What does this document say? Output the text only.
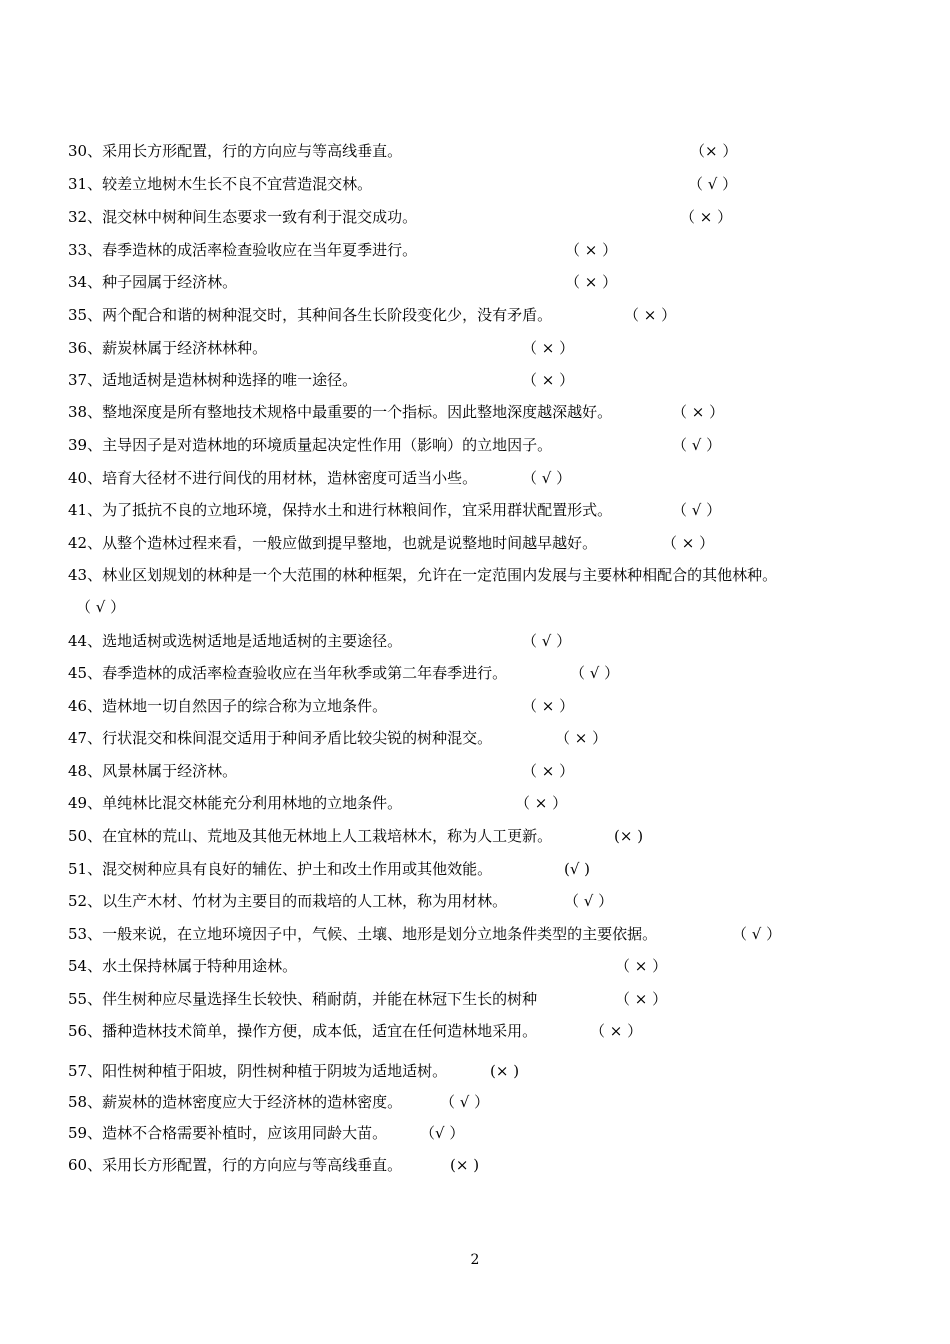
30、采用长方形配置，行的方向应与等高线垂直。	（× ）
31、较差立地树木生长不良不宜营造混交林。	（ √ ）
32、混交林中树种间生态要求一致有利于混交成功。	（ × ）
33、春季造林的成活率检查验收应在当年夏季进行。	（ × ）
34、种子园属于经济林。	（ × ）
35、两个配合和谐的树种混交时，其种间各生长阶段变化少，没有矛盾。	（ × ）
36、薪炭林属于经济林林种。	（ × ）
37、适地适树是造林树种选择的唯一途径。	（ × ）
38、整地深度是所有整地技术规格中最重要的一个指标。因此整地深度越深越好。	（ × ）
39、主导因子是对造林地的环境质量起决定性作用（影响）的立地因子。	（ √ ）
40、培育大径材不进行间伐的用材林，造林密度可适当小些。	（ √ ）
41、为了抵抗不良的立地环境，保持水土和进行林粮间作，宜采用群状配置形式。	（ √ ）
42、从整个造林过程来看，一般应做到提早整地，也就是说整地时间越早越好。	（ × ）
43、林业区划规划的林种是一个大范围的林种框架，允许在一定范围内发展与主要林种相配合的其他林种。
（ √ ）
44、选地适树或选树适地是适地适树的主要途径。	（ √ ）
45、春季造林的成活率检查验收应在当年秋季或第二年春季进行。	（ √ ）
46、造林地一切自然因子的综合称为立地条件。	（ × ）
47、行状混交和株间混交适用于种间矛盾比较尖锐的树种混交。	（ × ）
48、风景林属于经济林。	（ × ）
49、单纯林比混交林能充分利用林地的立地条件。	（ × ）
50、在宜林的荒山、荒地及其他无林地上人工栽培林木，称为人工更新。	(× )
51、混交树种应具有良好的辅佐、护土和改土作用或其他效能。	(√ )
52、以生产木材、竹材为主要目的而栽培的人工林，称为用材林。	（ √ ）
53、一般来说，在立地环境因子中，气候、土壤、地形是划分立地条件类型的主要依据。	（ √ ）
54、水土保持林属于特种用途林。	（ × ）
55、伴生树种应尽量选择生长较快、稍耐荫，并能在林冠下生长的树种	（ × ）
56、播种造林技术简单，操作方便，成本低，适宜在任何造林地采用。	（ × ）
57、阳性树种植于阳坡，阴性树种植于阴坡为适地适树。	(× )
58、薪炭林的造林密度应大于经济林的造林密度。	（ √ ）
59、造林不合格需要补植时，应该用同龄大苗。 （√ ）
60、采用长方形配置，行的方向应与等高线垂直。	(× )
2
